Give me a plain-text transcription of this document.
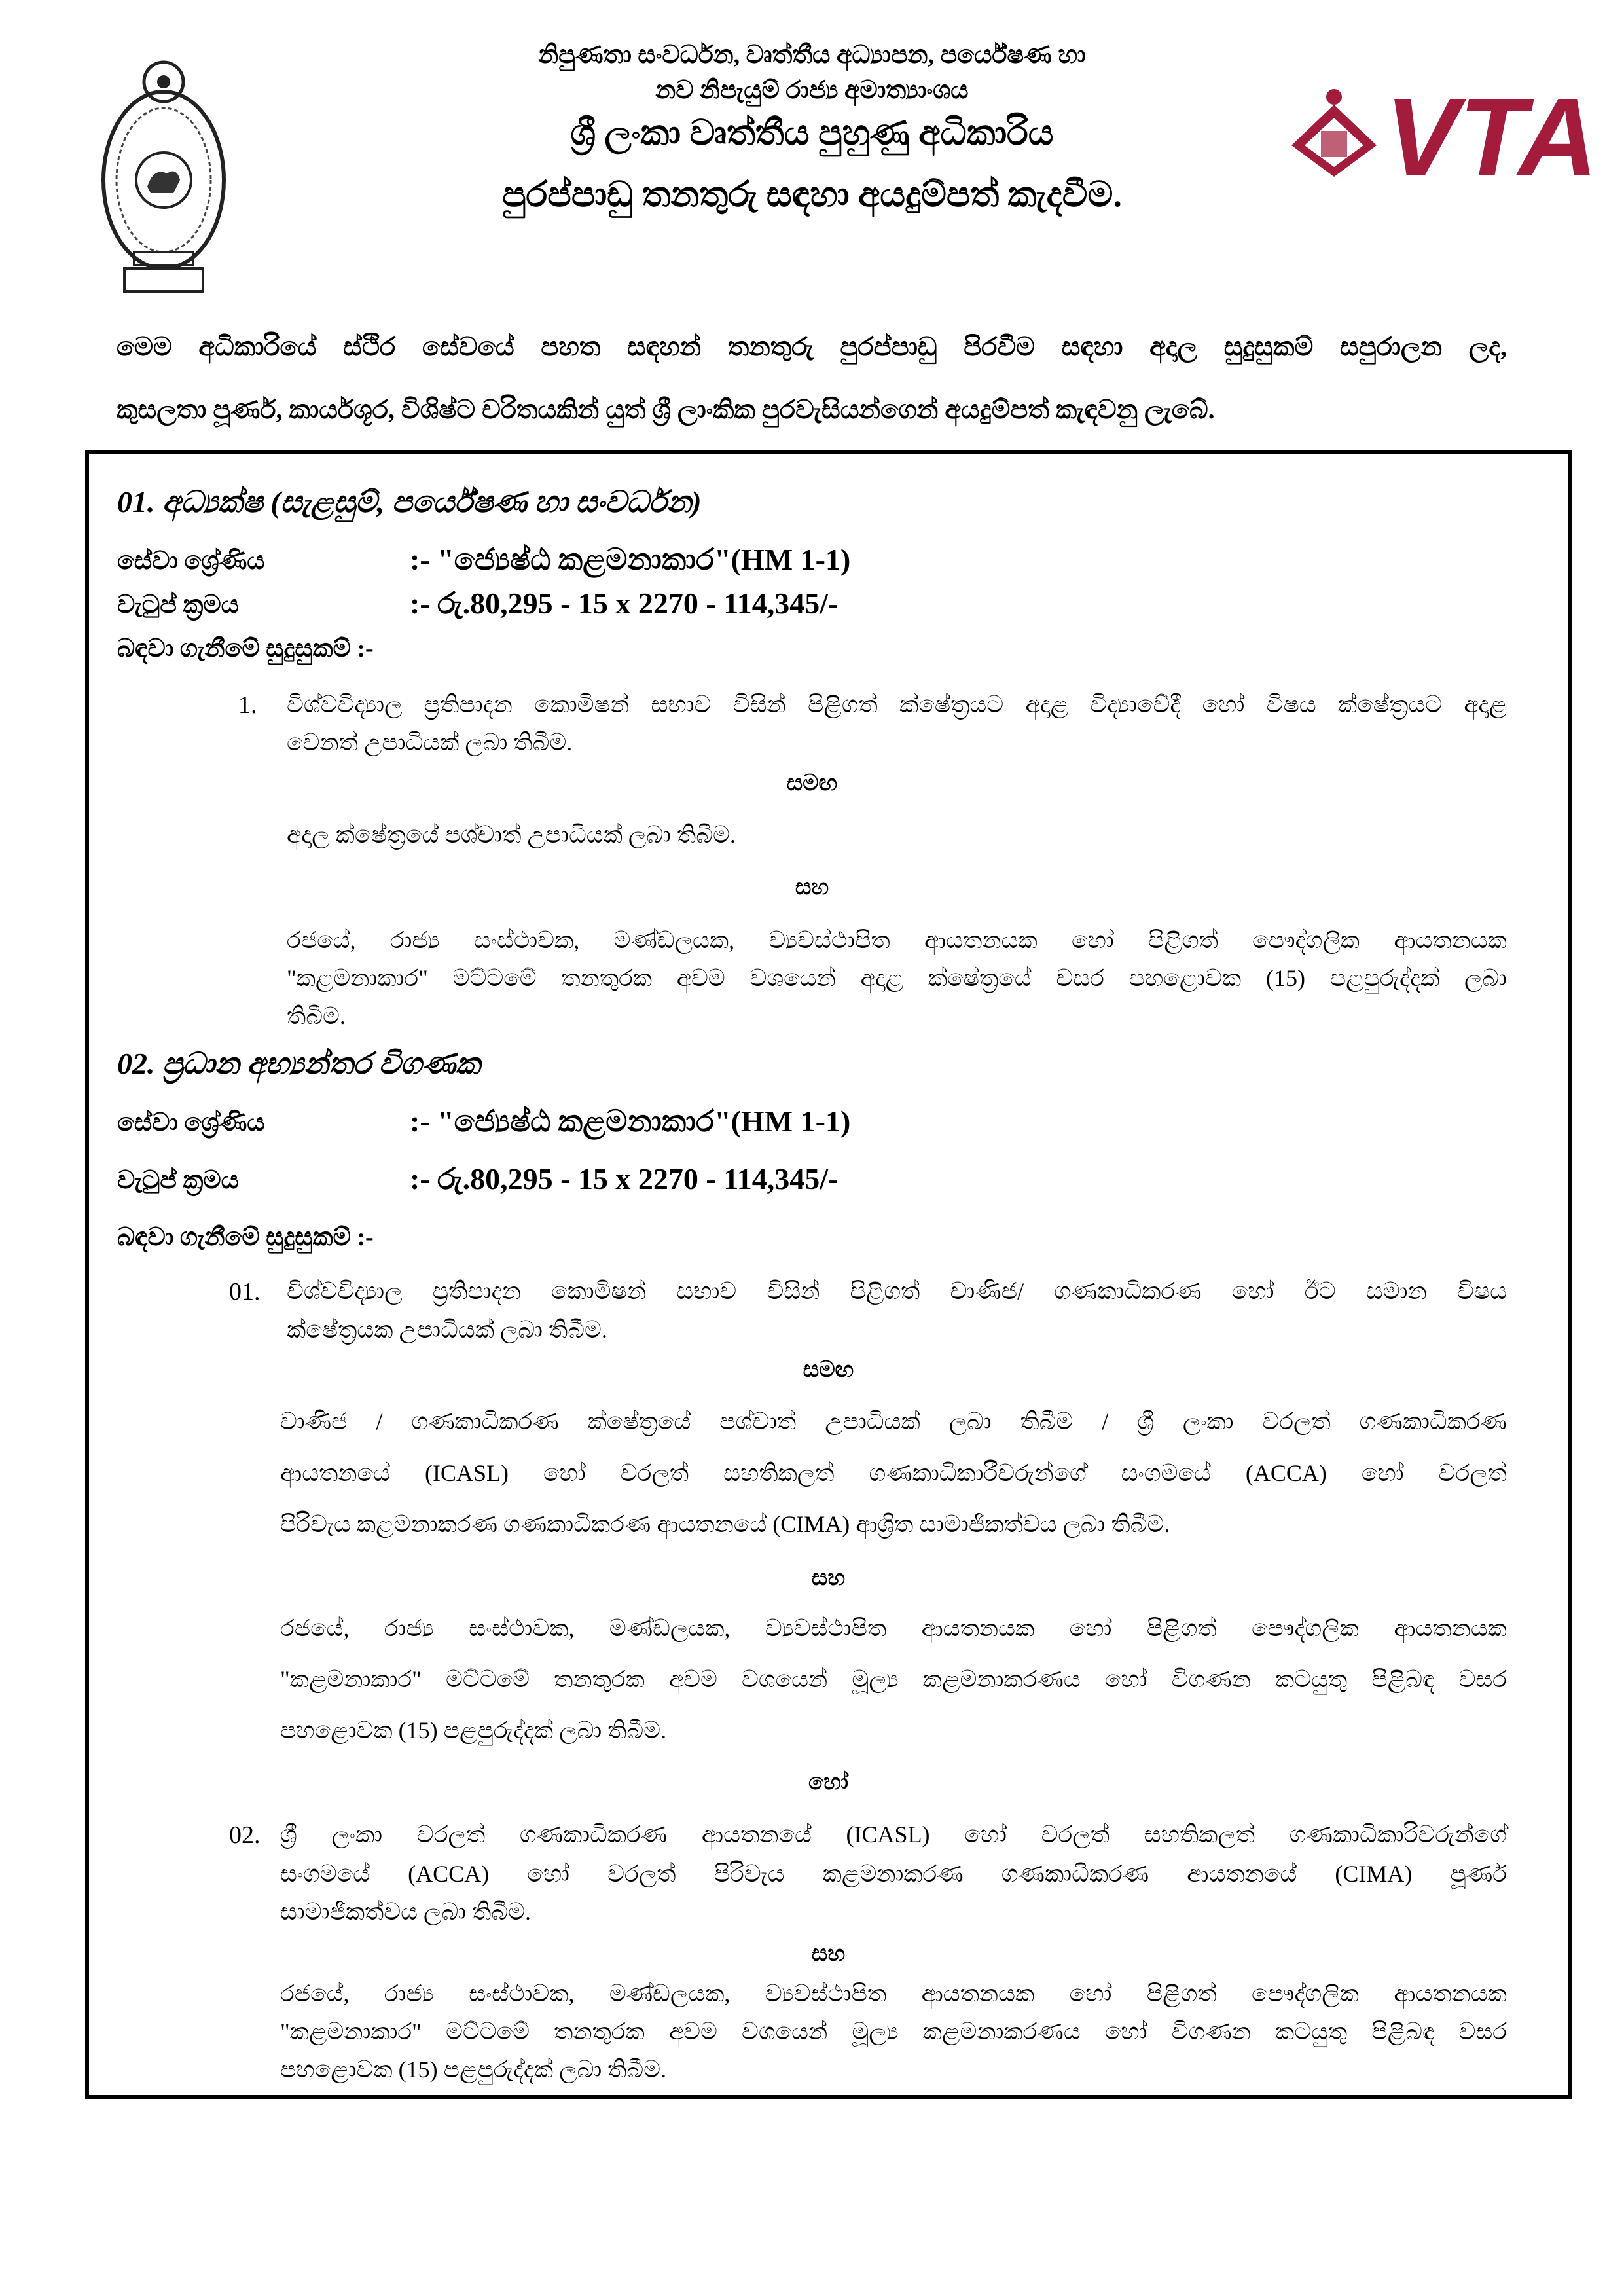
VTA
නිපුණතා සංවර්ධන, වෘත්තීය අධ්‍යාපන, පර්යේෂණ හා
නව නිපැයුම් රාජ්‍ය අමාත්‍යාංශය
ශ්‍රී ලංකා වෘත්තීය පුහුණු අධිකාරිය
පුරප්පාඩු තනතුරු සඳහා අයදුම්පත් කැදවීම.
මෙම අධිකාරියේ ස්ථිර සේවයේ පහත සඳහන් තනතුරු පුරප්පාඩු පිරවීම සඳහා අදාල සුදුසුකම් සපුරාලන ලද,
කුසලතා පූර්ණ, කාර්යශූර, විශිෂ්ට චරිතයකින් යුත් ශ්‍රී ලාංකික පුරවැසියන්ගෙන් අයදුම්පත් කැඳවනු ලැබේ.
01. අධ්‍යක්ෂ (සැළසුම්, පර්යේෂණ හා සංවර්ධන)
සේවා ශ්‍රේණිය	:- "ජ්‍යෙෂ්ඨ කළමනාකාර"(HM 1-1)
වැටුප් ක්‍රමය	:- රු.80,295 - 15 x 2270 - 114,345/-
බඳවා ගැනීමේ සුදුසුකම් :-
1. විශ්වවිද්‍යාල ප්‍රතිපාදන කොමිෂන් සභාව විසින් පිළිගත් ක්ෂේත්‍රයට අදාළ විද්‍යාවේදී හෝ විෂය ක්ෂේත්‍රයට අදාළ
වෙනත් උපාධියක් ලබා තිබීම.
සමඟ
අදාල ක්ෂේත්‍රයේ පශ්චාත් උපාධියක් ලබා තිබීම.
සහ
රජයේ, රාජ්‍ය සංස්ථාවක, මණ්ඩලයක, ව්‍යවස්ථාපිත ආයතනයක හෝ පිළිගත් පෞද්ගලික ආයතනයක
"කළමනාකාර" මට්ටමේ තනතුරක අවම වශයෙන් අදාළ ක්ෂේත්‍රයේ වසර පහළොවක (15) පළපුරුද්දක් ලබා
තිබීම.
02. ප්‍රධාන අභ්‍යන්තර විගණක
සේවා ශ්‍රේණිය	:- "ජ්‍යෙෂ්ඨ කළමනාකාර"(HM 1-1)
වැටුප් ක්‍රමය	:- රු.80,295 - 15 x 2270 - 114,345/-
බඳවා ගැනීමේ සුදුසුකම් :-
01. විශ්වවිද්‍යාල ප්‍රතිපාදන කොමිෂන් සභාව විසින් පිළිගත් වාණිජ/ ගණකාධිකරණ හෝ ඊට සමාන විෂය
ක්ෂේත්‍රයක උපාධියක් ලබා තිබීම.
සමඟ
වාණිජ / ගණකාධිකරණ ක්ෂේත්‍රයේ පශ්චාත් උපාධියක් ලබා තිබීම / ශ්‍රී ලංකා වරලත් ගණකාධිකරණ
ආයතනයේ (ICASL) හෝ වරලත් සහතිකලත් ගණකාධිකාරීවරුන්ගේ සංගමයේ (ACCA) හෝ වරලත්
පිරිවැය කළමනාකරණ ගණකාධිකරණ ආයතනයේ (CIMA) ආශ්‍රිත සාමාජිකත්වය ලබා තිබීම.
සහ
රජයේ, රාජ්‍ය සංස්ථාවක, මණ්ඩලයක, ව්‍යවස්ථාපිත ආයතනයක හෝ පිළිගත් පෞද්ගලික ආයතනයක
"කළමනාකාර" මට්ටමේ තනතුරක අවම වශයෙන් මූල්‍ය කළමනාකරණය හෝ විගණන කටයුතු පිළිබඳ වසර
පහළොවක (15) පළපුරුද්දක් ලබා තිබීම.
හෝ
02. ශ්‍රී ලංකා වරලත් ගණකාධිකරණ ආයතනයේ (ICASL) හෝ වරලත් සහතිකලත් ගණකාධිකාරිවරුන්ගේ
සංගමයේ (ACCA) හෝ වරලත් පිරිවැය කළමනාකරණ ගණකාධිකරණ ආයතනයේ (CIMA) පූර්ණ
සාමාජිකත්වය ලබා තිබීම.
සහ
රජයේ, රාජ්‍ය සංස්ථාවක, මණ්ඩලයක, ව්‍යවස්ථාපිත ආයතනයක හෝ පිළිගත් පෞද්ගලික ආයතනයක
"කළමනාකාර" මට්ටමේ තනතුරක අවම වශයෙන් මූල්‍ය කළමනාකරණය හෝ විගණන කටයුතු පිළිබඳ වසර
පහළොවක (15) පළපුරුද්දක් ලබා තිබීම.
